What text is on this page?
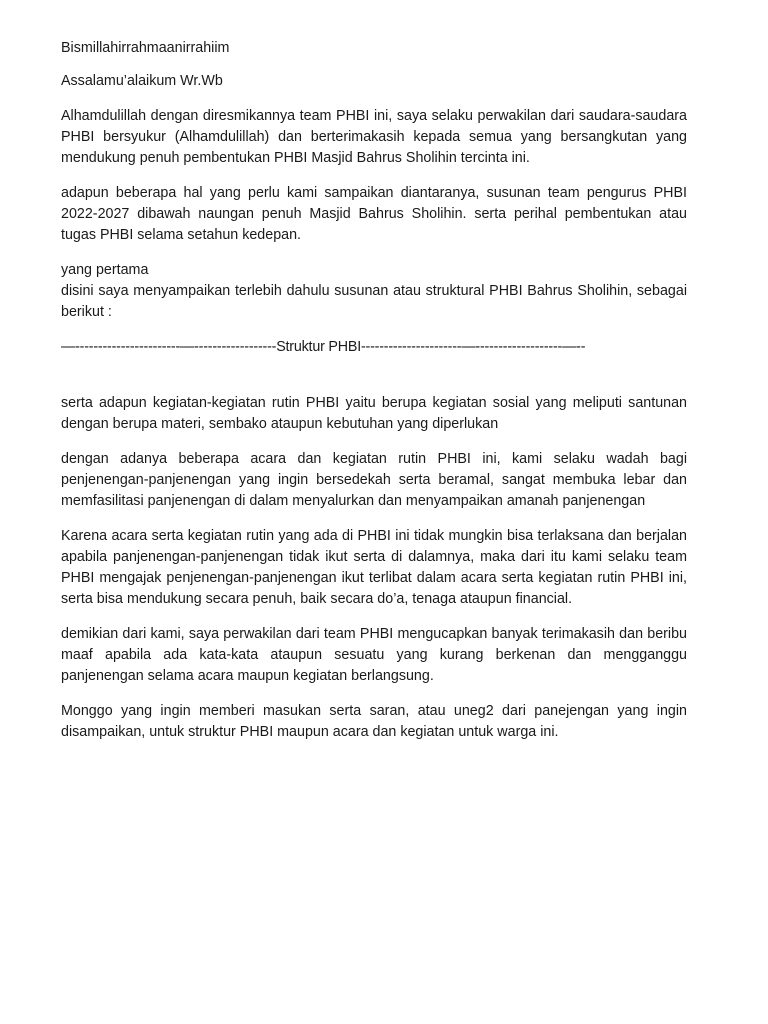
Bismillahirrahmaanirrahiim

Assalamu’alaikum Wr.Wb

Alhamdulillah dengan diresmikannya team PHBI ini, saya selaku perwakilan dari saudara-saudara PHBI bersyukur (Alhamdulillah) dan berterimakasih kepada semua yang bersangkutan yang mendukung penuh pembentukan PHBI Masjid Bahrus Sholihin tercinta ini.

adapun beberapa hal yang perlu kami sampaikan diantaranya, susunan team pengurus PHBI 2022-2027 dibawah naungan penuh Masjid Bahrus Sholihin. serta perihal pembentukan atau tugas PHBI selama setahun kedepan.

yang pertama

disini saya menyampaikan terlebih dahulu susunan atau struktural PHBI Bahrus Sholihin, sebagai berikut :

—-----------------------—------------------Struktur PHBI----------------------—-------------------—--

serta adapun kegiatan-kegiatan rutin PHBI yaitu berupa kegiatan sosial yang meliputi santunan dengan berupa materi, sembako ataupun kebutuhan yang diperlukan

dengan adanya beberapa acara dan kegiatan rutin PHBI ini, kami selaku wadah bagi penjenengan-panjenengan yang ingin bersedekah serta beramal, sangat membuka lebar dan memfasilitasi panjenengan di dalam menyalurkan dan menyampaikan amanah panjenengan

Karena acara serta kegiatan rutin yang ada di PHBI ini tidak mungkin bisa terlaksana dan berjalan apabila panjenengan-panjenengan tidak ikut serta di dalamnya, maka dari itu kami selaku team PHBI mengajak penjenengan-panjenengan ikut terlibat dalam acara serta kegiatan rutin PHBI ini, serta bisa mendukung secara penuh, baik secara do’a, tenaga ataupun financial.

demikian dari kami, saya perwakilan dari team PHBI mengucapkan banyak terimakasih dan beribu maaf apabila ada kata-kata ataupun sesuatu yang kurang berkenan dan mengganggu panjenengan selama acara maupun kegiatan berlangsung.

Monggo yang ingin memberi masukan serta saran, atau uneg2 dari panejengan yang ingin disampaikan, untuk struktur PHBI maupun acara dan kegiatan untuk warga ini.
